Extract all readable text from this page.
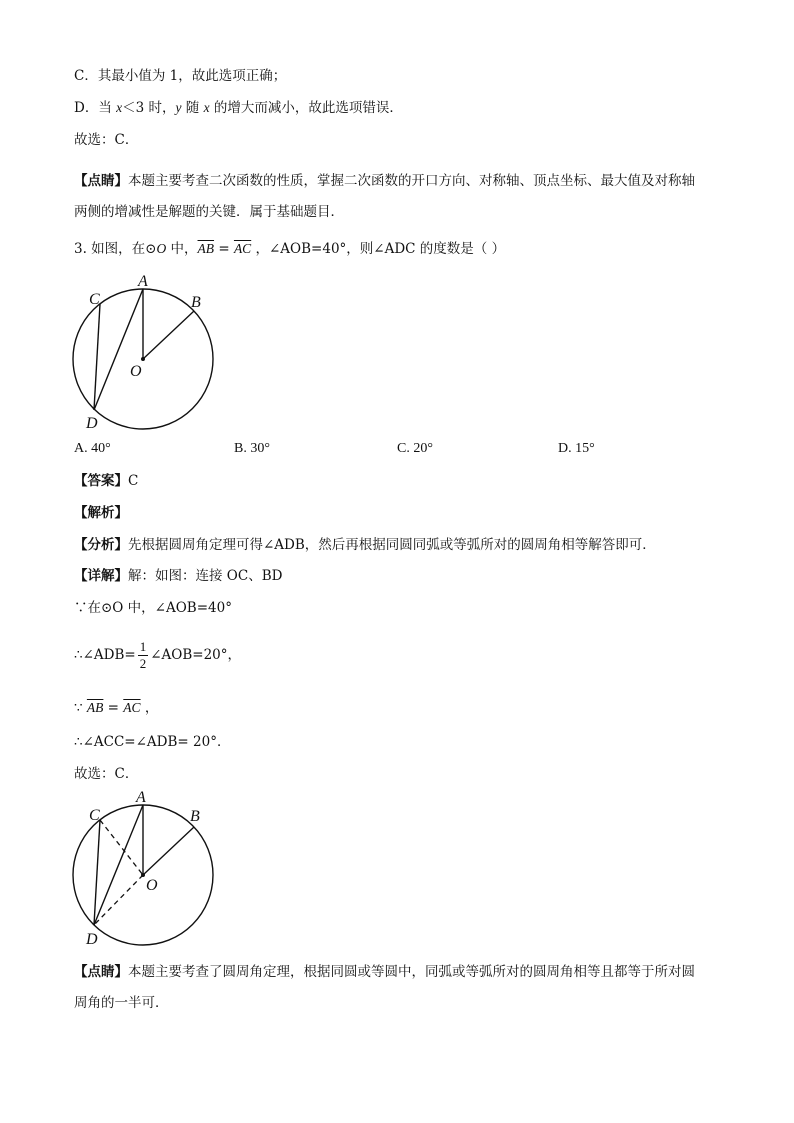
C．其最小值为 1，故此选项正确；
D．当 x＜3 时，y 随 x 的增大而减小，故此选项错误．
故选：C．
【点睛】本题主要考查二次函数的性质，掌握二次函数的开口方向、对称轴、顶点坐标、最大值及对称轴
两侧的增减性是解题的关键．属于基础题目．
3. 如图，在⊙O 中，$\overline{AB} = \overline{AC}$ ，∠AOB=40°，则∠ADC 的度数是（ ）
A
B
C
D
O
A. 40°	B. 30°	C. 20°	D. 15°
【答案】C
【解析】
【分析】先根据圆周角定理可得∠ADB，然后再根据同圆同弧或等弧所对的圆周角相等解答即可．
【详解】解：如图：连接 OC、BD
∵在⊙O 中，∠AOB=40°
∴∠ADB= $\frac{1}{2}$ ∠AOB=20°，
∵ $\overline{AB} = \overline{AC}$ ，
∴∠ACC=∠ADB= 20°．
故选：C．
A
B
C
D
O
【点睛】本题主要考查了圆周角定理，根据同圆或等圆中，同弧或等弧所对的圆周角相等且都等于所对圆
周角的一半可．
